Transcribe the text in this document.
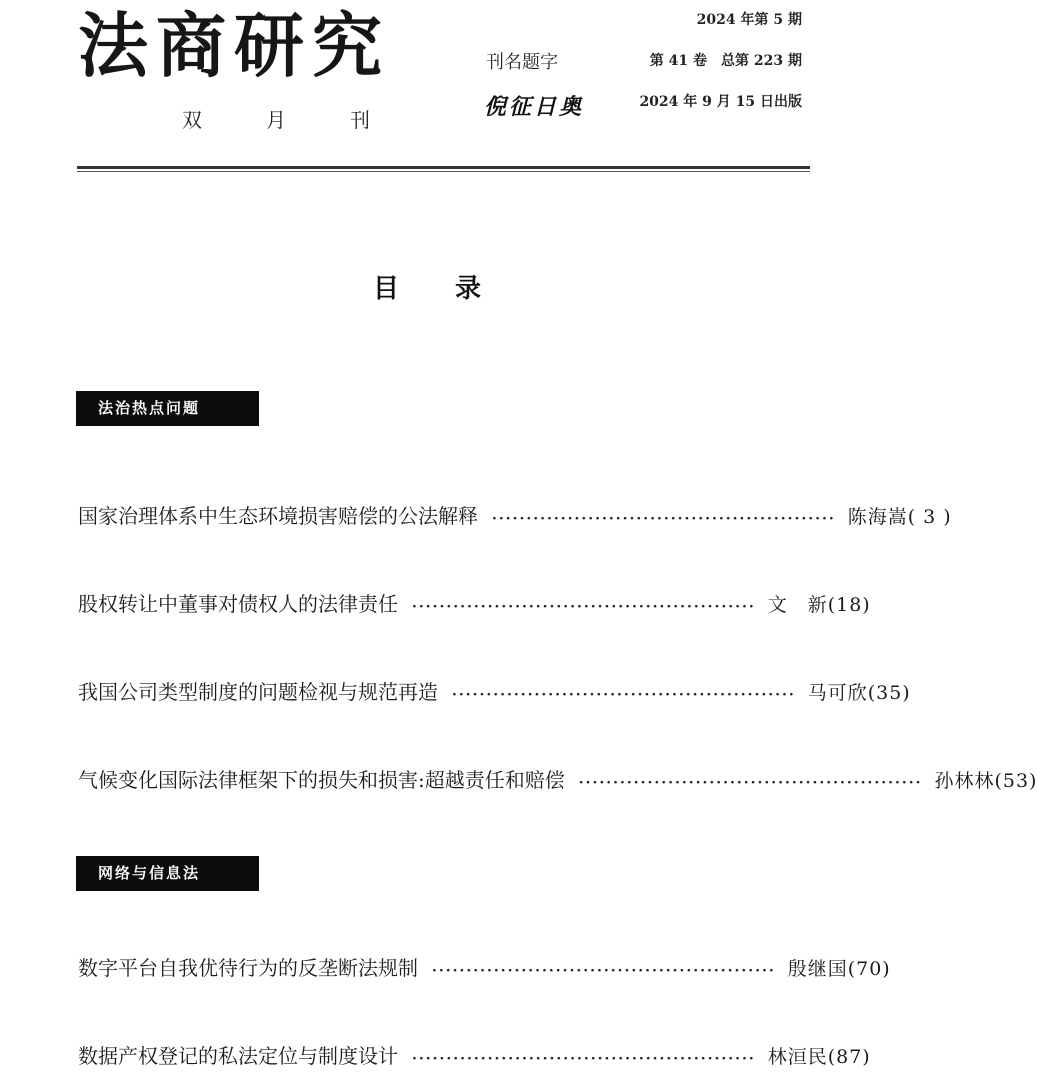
法商研究
双　月　刊
刊名题字
倪征日奥
2024 年第 5 期
第 41 卷　总第 223 期
2024 年 9 月 15 日出版
目录
法治热点问题
国家治理体系中生态环境损害赔偿的公法解释 ·················································· 陈海嵩( 3 )
股权转让中董事对债权人的法律责任 ·················································· 文　新(18)
我国公司类型制度的问题检视与规范再造 ·················································· 马可欣(35)
气候变化国际法律框架下的损失和损害:超越责任和赔偿 ·················································· 孙林林(53)
网络与信息法
数字平台自我优待行为的反垄断法规制 ·················································· 殷继国(70)
数据产权登记的私法定位与制度设计 ·················································· 林洹民(87)
